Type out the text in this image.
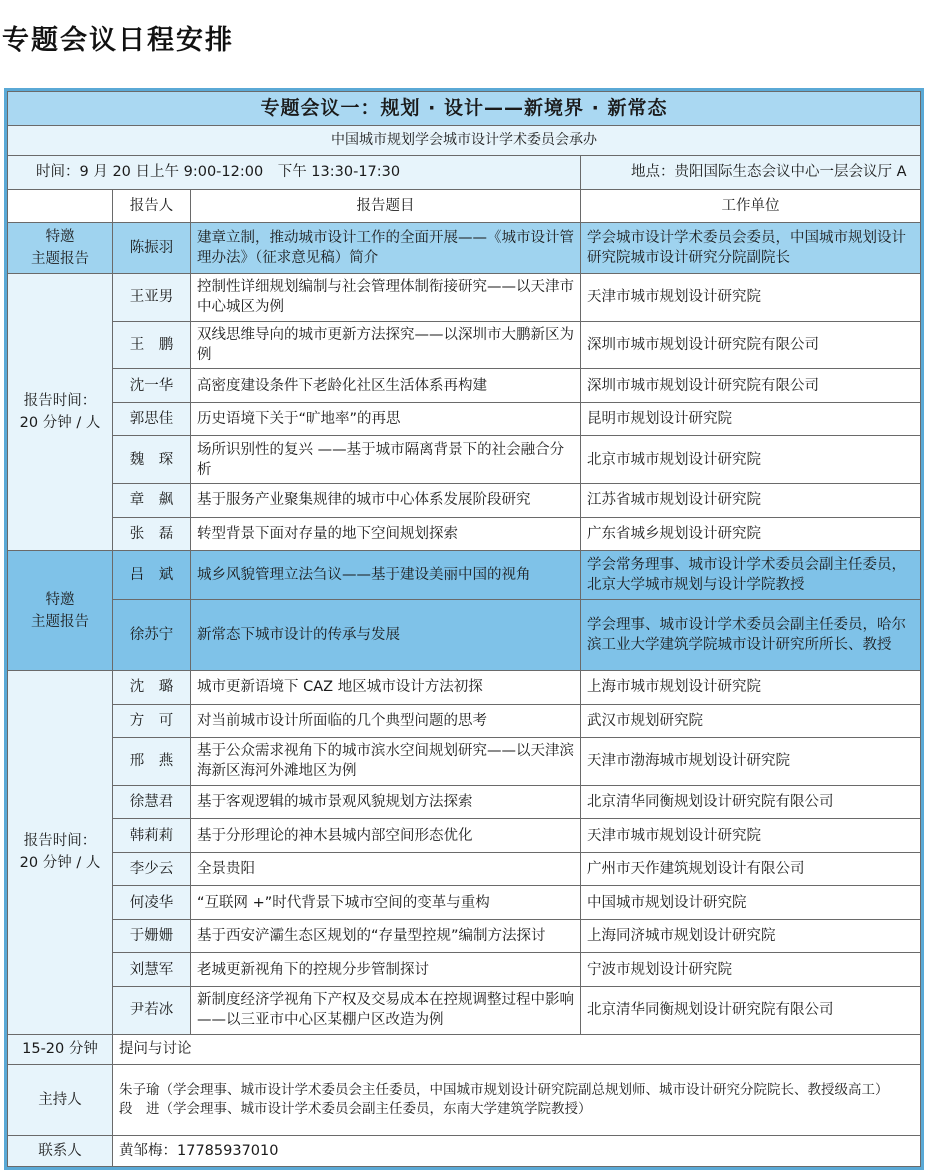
专题会议日程安排
专题会议一：规划 · 设计——新境界 · 新常态			
中国城市规划学会城市设计学术委员会承办			
时间：9 月 20 日上午 9:00-12:00　下午 13:30-17:30			地点：贵阳国际生态会议中心一层会议厅 A
	报告人	报告题目	工作单位

特邀
主题报告	陈振羽	建章立制，推动城市设计工作的全面开展——《城市设计管理办法》（征求意见稿）简介	学会城市设计学术委员会委员，中国城市规划设计研究院城市设计研究分院副院长

报告时间：
20 分钟 / 人	王亚男	控制性详细规划编制与社会管理体制衔接研究——以天津市中心城区为例	天津市城市规划设计研究院
	王　鹏	双线思维导向的城市更新方法探究——以深圳市大鹏新区为例	深圳市城市规划设计研究院有限公司
	沈一华	高密度建设条件下老龄化社区生活体系再构建	深圳市城市规划设计研究院有限公司
	郭思佳	历史语境下关于“旷地率”的再思	昆明市规划设计研究院
	魏　琛	场所识别性的复兴 ——基于城市隔离背景下的社会融合分析	北京市城市规划设计研究院
	章　飙	基于服务产业聚集规律的城市中心体系发展阶段研究	江苏省城市规划设计研究院
	张　磊	转型背景下面对存量的地下空间规划探索	广东省城乡规划设计研究院

特邀
主题报告	吕　斌	城乡风貌管理立法刍议——基于建设美丽中国的视角	学会常务理事、城市设计学术委员会副主任委员，北京大学城市规划与设计学院教授
	徐苏宁	新常态下城市设计的传承与发展	学会理事、城市设计学术委员会副主任委员，哈尔滨工业大学建筑学院城市设计研究所所长、教授

报告时间：
20 分钟 / 人	沈　璐	城市更新语境下 CAZ 地区城市设计方法初探	上海市城市规划设计研究院
	方　可	对当前城市设计所面临的几个典型问题的思考	武汉市规划研究院
	邢　燕	基于公众需求视角下的城市滨水空间规划研究——以天津滨海新区海河外滩地区为例	天津市渤海城市规划设计研究院
	徐慧君	基于客观逻辑的城市景观风貌规划方法探索	北京清华同衡规划设计研究院有限公司
	韩莉莉	基于分形理论的神木县城内部空间形态优化	天津市城市规划设计研究院
	李少云	全景贵阳	广州市天作建筑规划设计有限公司
	何凌华	“互联网 +”时代背景下城市空间的变革与重构	中国城市规划设计研究院
	于姗姗	基于西安浐灞生态区规划的“存量型控规”编制方法探讨	上海同济城市规划设计研究院
	刘慧军	老城更新视角下的控规分步管制探讨	宁波市规划设计研究院
	尹若冰	新制度经济学视角下产权及交易成本在控规调整过程中影响 ——以三亚市中心区某棚户区改造为例	北京清华同衡规划设计研究院有限公司
15-20 分钟	提问与讨论		
主持人	朱子瑜（学会理事、城市设计学术委员会主任委员，中国城市规划设计研究院副总规划师、城市设计研究分院院长、教授级高工）
段　进（学会理事、城市设计学术委员会副主任委员，东南大学建筑学院教授）		

联系人	黄邹梅：17785937010		
